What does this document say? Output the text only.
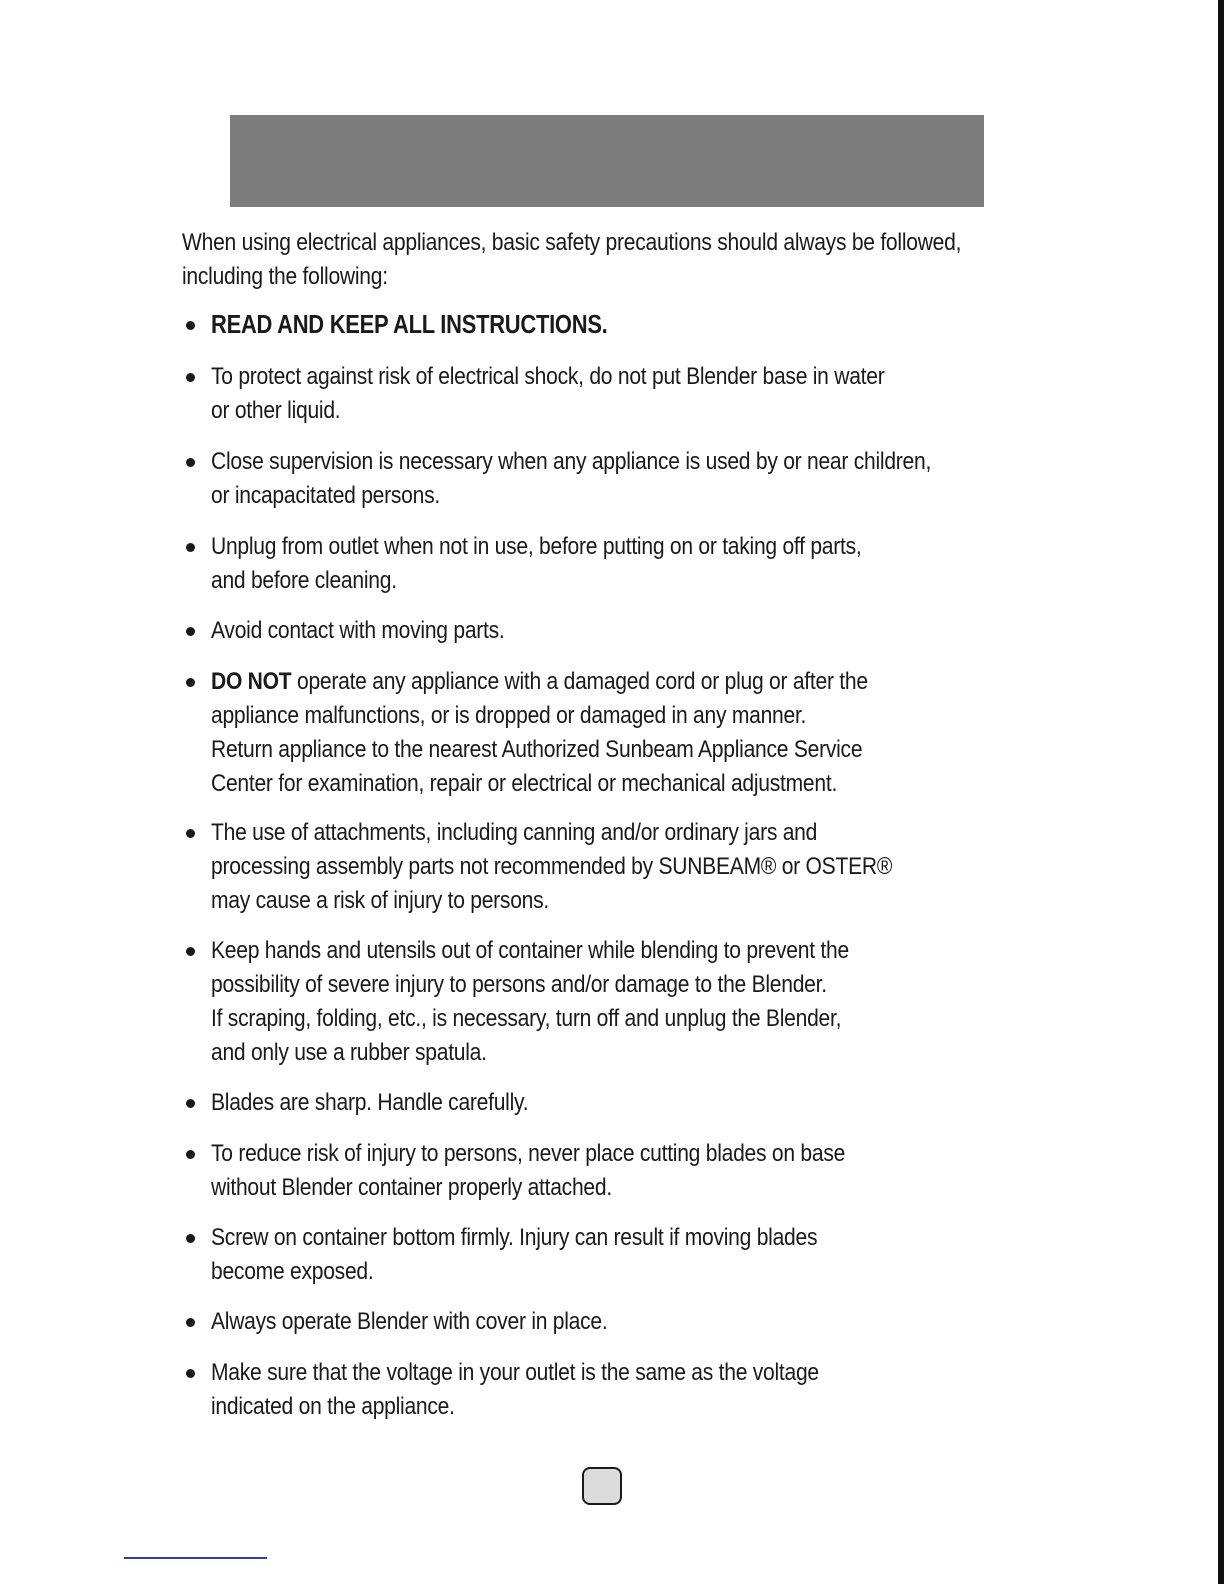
When using electrical appliances, basic safety precautions should always be followed,
including the following:

READ AND KEEP ALL INSTRUCTIONS.
To protect against risk of electrical shock, do not put Blender base in water
or other liquid.
Close supervision is necessary when any appliance is used by or near children,
or incapacitated persons.
Unplug from outlet when not in use, before putting on or taking off parts,
and before cleaning.
Avoid contact with moving parts.
DO NOT operate any appliance with a damaged cord or plug or after the
appliance malfunctions, or is dropped or damaged in any manner.
Return appliance to the nearest Authorized Sunbeam Appliance Service
Center for examination, repair or electrical or mechanical adjustment.
The use of attachments, including canning and/or ordinary jars and
processing assembly parts not recommended by SUNBEAM® or OSTER®
may cause a risk of injury to persons.
Keep hands and utensils out of container while blending to prevent the
possibility of severe injury to persons and/or damage to the Blender.
If scraping, folding, etc., is necessary, turn off and unplug the Blender,
and only use a rubber spatula.
Blades are sharp. Handle carefully.
To reduce risk of injury to persons, never place cutting blades on base
without Blender container properly attached.
Screw on container bottom firmly. Injury can result if moving blades
become exposed.
Always operate Blender with cover in place.
Make sure that the voltage in your outlet is the same as the voltage
indicated on the appliance.
